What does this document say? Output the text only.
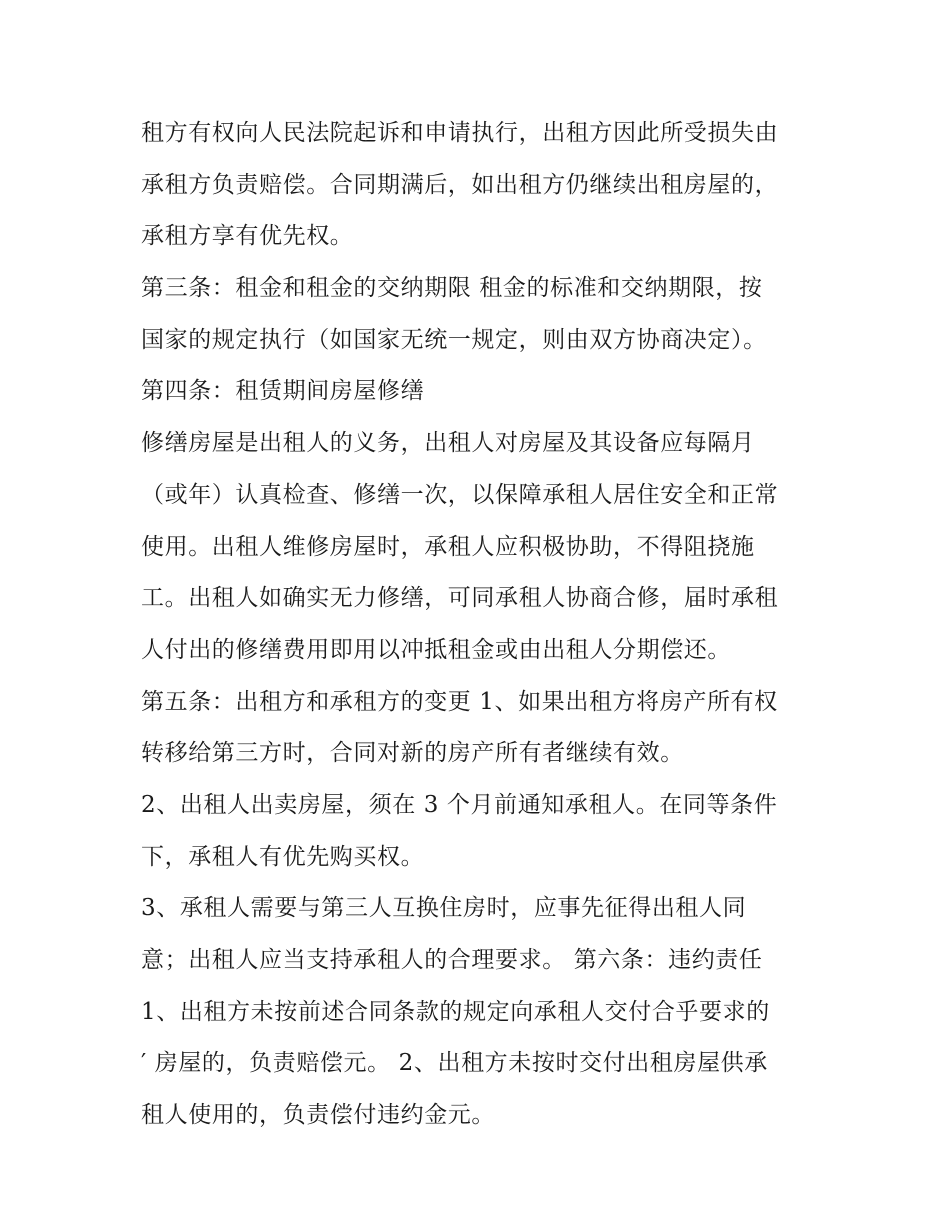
租方有权向人民法院起诉和申请执行，出租方因此所受损失由
承租方负责赔偿。合同期满后，如出租方仍继续出租房屋的，
承租方享有优先权。
第三条：租金和租金的交纳期限 租金的标准和交纳期限，按
国家的规定执行（如国家无统一规定，则由双方协商决定）。
第四条：租赁期间房屋修缮
修缮房屋是出租人的义务，出租人对房屋及其设备应每隔月
（或年）认真检查、修缮一次，以保障承租人居住安全和正常
使用。出租人维修房屋时，承租人应积极协助，不得阻挠施
工。出租人如确实无力修缮，可同承租人协商合修，届时承租
人付出的修缮费用即用以冲抵租金或由出租人分期偿还。
第五条：出租方和承租方的变更 1、如果出租方将房产所有权
转移给第三方时，合同对新的房产所有者继续有效。
2、出租人出卖房屋，须在 3 个月前通知承租人。在同等条件
下，承租人有优先购买权。
3、承租人需要与第三人互换住房时，应事先征得出租人同
意；出租人应当支持承租人的合理要求。 第六条：违约责任
1、出租方未按前述合同条款的规定向承租人交付合乎要求的
′ 房屋的，负责赔偿元。 2、出租方未按时交付出租房屋供承
租人使用的，负责偿付违约金元。
